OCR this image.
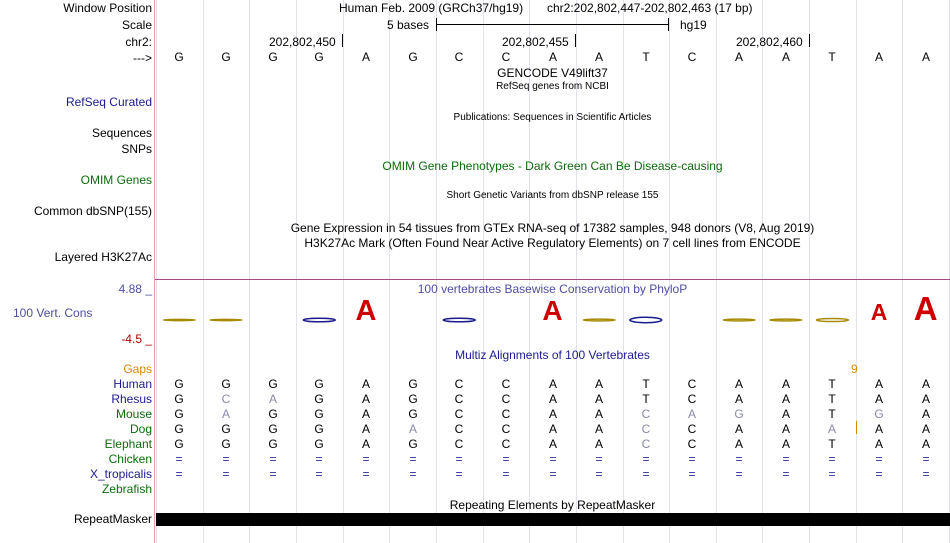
Window Position	Human Feb. 2009 (GRCh37/hg19) chr2:202,802,447-202,802,463 (17 bp)
Scale	5 bases	hg19
chr2:	202,802,450	202,802,455	202,802,460
--->	G	G	G	G	A	G	C	C	A	A	T	C	A	A	T	A	A
GENCODE V49lift37
RefSeq genes from NCBI
RefSeq Curated
Publications: Sequences in Scientific Articles
Sequences
SNPs
OMIM Gene Phenotypes - Dark Green Can Be Disease-causing
OMIM Genes
Short Genetic Variants from dbSNP release 155
Common dbSNP(155)
Gene Expression in 54 tissues from GTEx RNA-seq of 17382 samples, 948 donors (V8, Aug 2019)
H3K27Ac Mark (Often Found Near Active Regulatory Elements) on 7 cell lines from ENCODE
Layered H3K27Ac
100 vertebrates Basewise Conservation by PhyloP
4.88 _
100 Vert. Cons
-4.5 _
A	A	A A
Multiz Alignments of 100 Vertebrates
Gaps	9
Human	G	G	G	G	A	G	C	C	A	A	T	C	A	A	T	A	A
Rhesus	G	C	A	G	A	G	C	C	A	A	T	C	A	A	T	A	A
Mouse	G	A	G	G	A	G	C	C	A	A	C	A	G	A	T	G	A
Dog	G	G	G	G	A	A	C	C	A	A	C	C	A	A	A	A	A
Elephant	G	G	G	G	A	G	C	C	A	A	C	C	A	A	T	A	A
Chicken	=	=	=	=	=	=	=	=	=	=	=	=	=	=	=	=	=
X_tropicalis	=	=	=	=	=	=	=	=	=	=	=	=	=	=	=	=	=
Zebrafish
Repeating Elements by RepeatMasker
RepeatMasker
